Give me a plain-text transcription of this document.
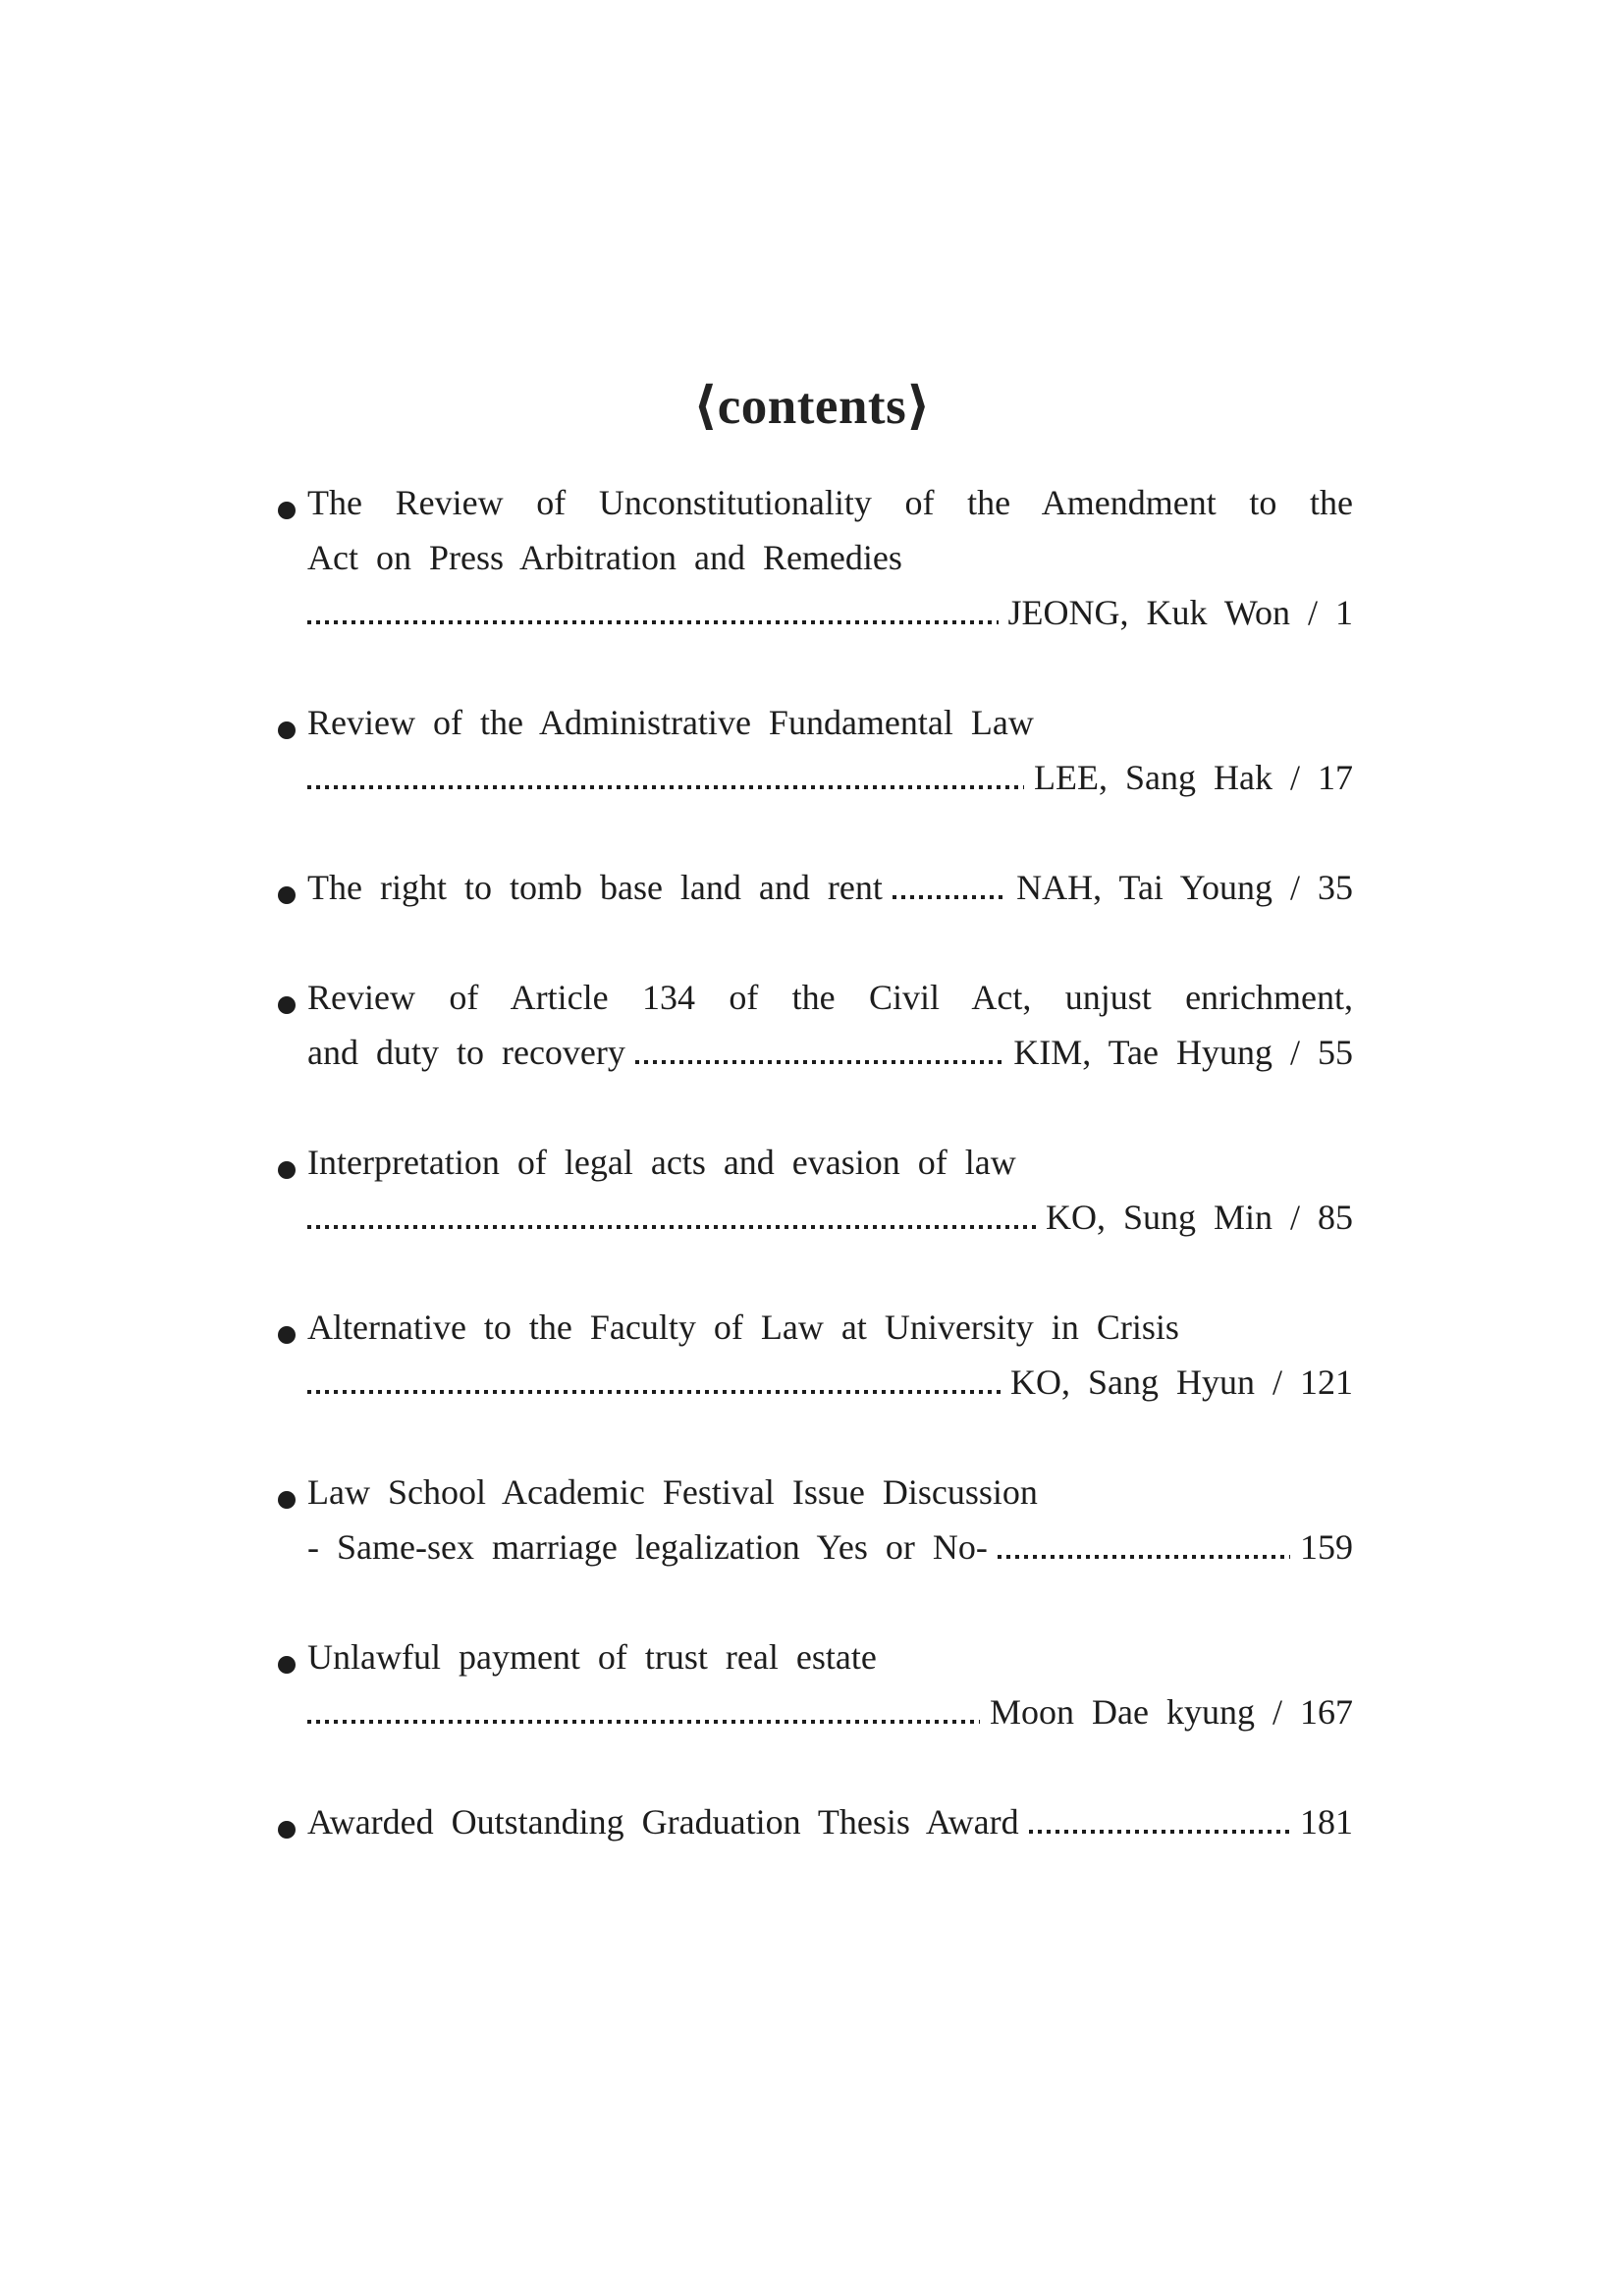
⟨contents⟩
The Review of Unconstitutionality of the Amendment to the
Act on Press Arbitration and Remedies
JEONG, Kuk Won / 1
Review of the Administrative Fundamental Law
LEE, Sang Hak / 17
The right to tomb base land and rent	NAH, Tai Young / 35
Review of Article 134 of the Civil Act, unjust enrichment,
and duty to recovery	KIM, Tae Hyung / 55
Interpretation of legal acts and evasion of law
KO, Sung Min / 85
Alternative to the Faculty of Law at University in Crisis
KO, Sang Hyun / 121
Law School Academic Festival Issue Discussion
- Same-sex marriage legalization Yes or No-	159
Unlawful payment of trust real estate
Moon Dae kyung / 167
Awarded Outstanding Graduation Thesis Award	181
